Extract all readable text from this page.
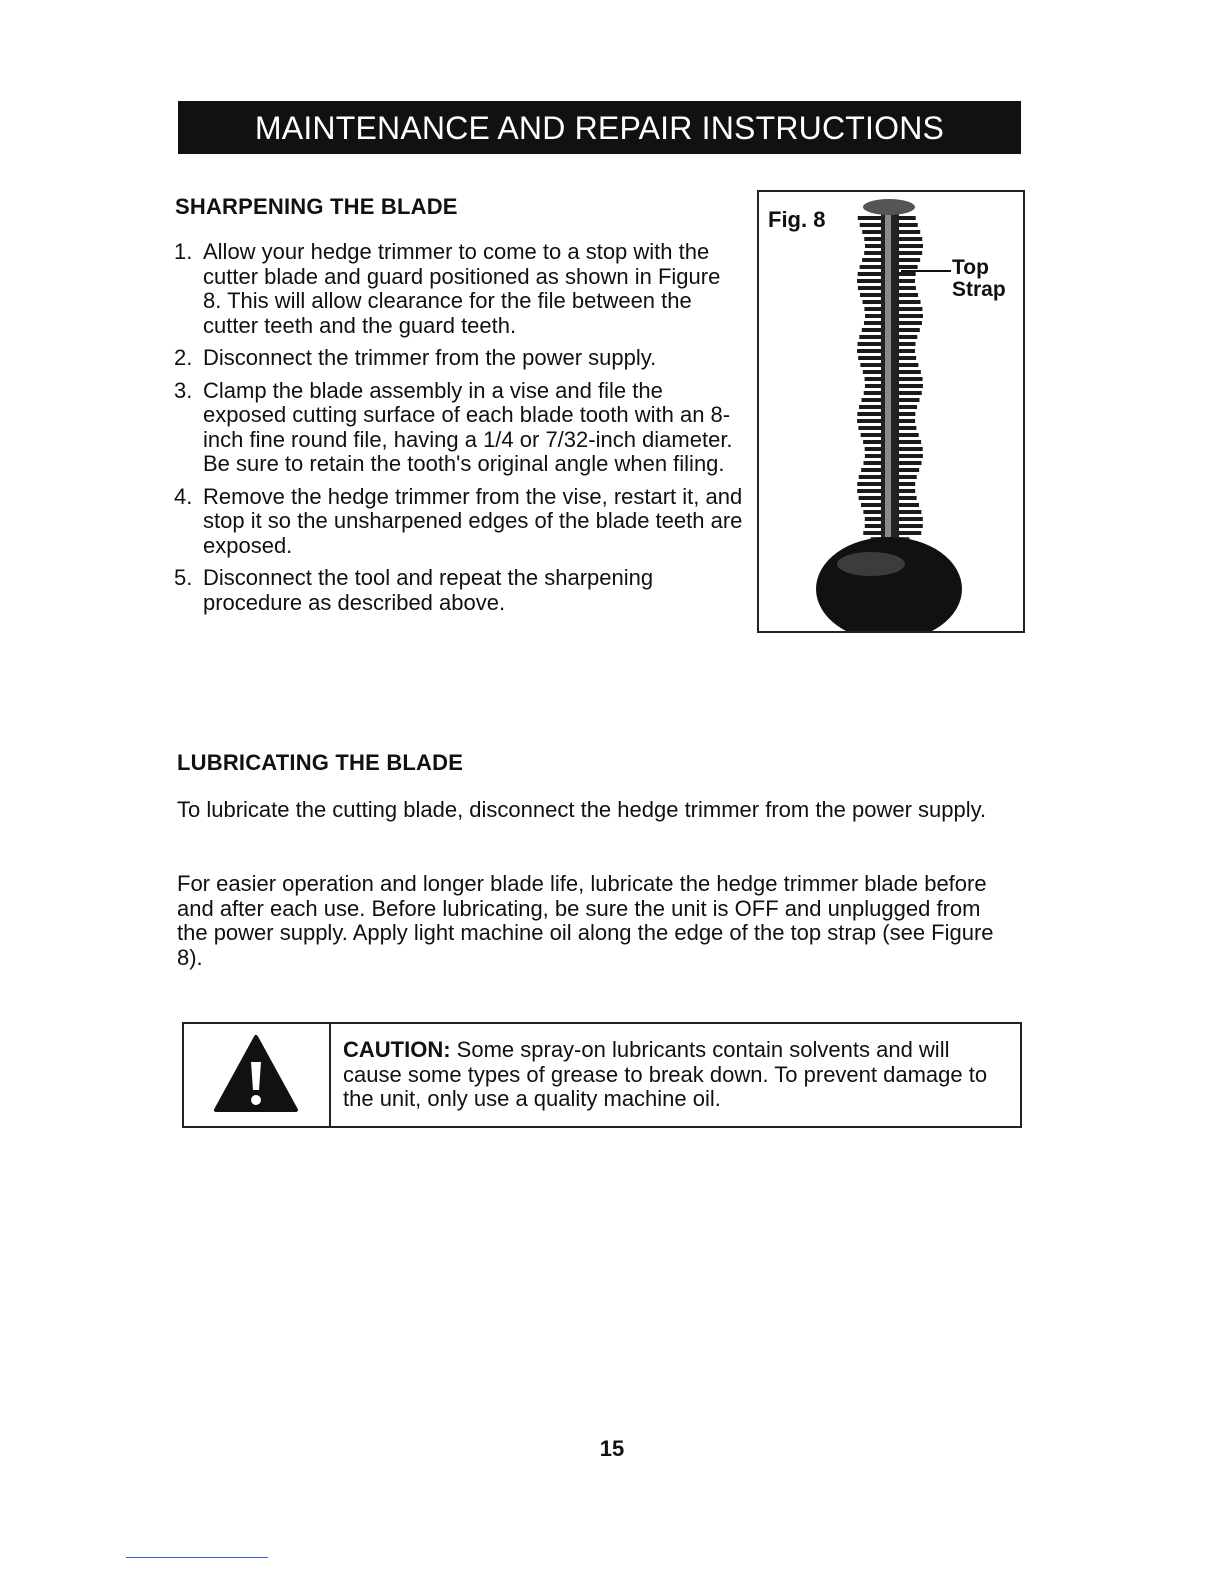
MAINTENANCE AND REPAIR INSTRUCTIONS
SHARPENING THE BLADE
1. Allow your hedge trimmer to come to a stop with the cutter blade and guard positioned as shown in Figure 8. This will allow clearance for the file between the cutter teeth and the guard teeth.
2. Disconnect the trimmer from the power supply.
3. Clamp the blade assembly in a vise and file the exposed cutting surface of each blade tooth with an 8-inch fine round file, having a 1/4 or 7/32-inch diameter. Be sure to retain the tooth's original angle when filing.
4. Remove the hedge trimmer from the vise, restart it, and stop it so the unsharpened edges of the blade teeth are exposed.
5. Disconnect the tool and repeat the sharpening procedure as described above.
Fig. 8
Top
Strap
LUBRICATING THE BLADE

To lubricate the cutting blade, disconnect the hedge trimmer from the power supply.

For easier operation and longer blade life, lubricate the hedge trimmer blade before and after each use. Before lubricating, be sure the unit is OFF and unplugged from the power supply. Apply light machine oil along the edge of the top strap (see Figure 8).

CAUTION: Some spray-on lubricants contain solvents and will cause some types of grease to break down. To prevent damage to the unit, only use a quality machine oil.
15
